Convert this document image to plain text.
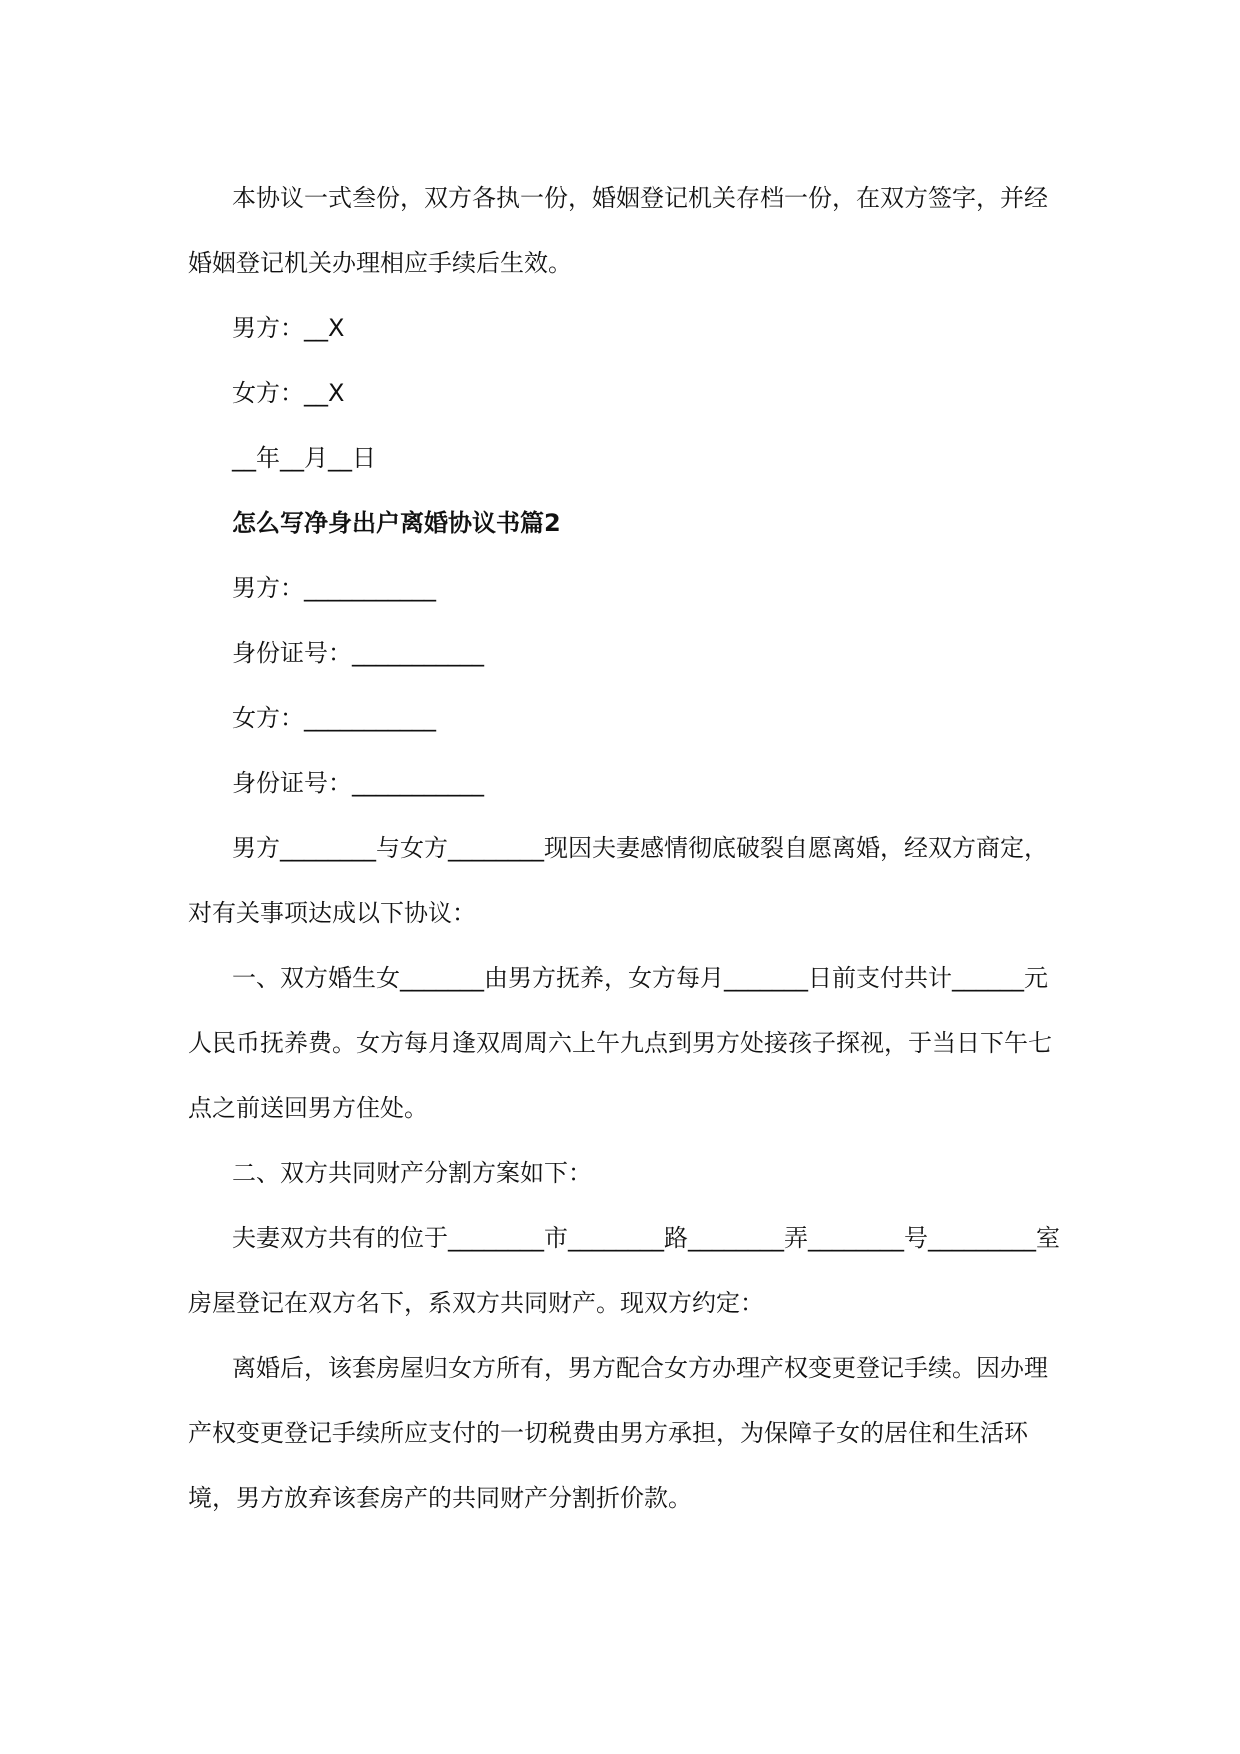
本协议一式叁份，双方各执一份，婚姻登记机关存档一份，在双方签字，并经婚姻登记机关办理相应手续后生效。

男方：__X

女方：__X

__年__月__日

怎么写净身出户离婚协议书篇2

男方：___________

身份证号：___________

女方：___________

身份证号：___________

男方________与女方________现因夫妻感情彻底破裂自愿离婚，经双方商定，对有关事项达成以下协议：

一、双方婚生女_______由男方抚养，女方每月_______日前支付共计______元人民币抚养费。女方每月逢双周周六上午九点到男方处接孩子探视，于当日下午七点之前送回男方住处。

二、双方共同财产分割方案如下：

夫妻双方共有的位于________市________路________弄________号_________室房屋登记在双方名下，系双方共同财产。现双方约定：

离婚后，该套房屋归女方所有，男方配合女方办理产权变更登记手续。因办理产权变更登记手续所应支付的一切税费由男方承担，为保障子女的居住和生活环境，男方放弃该套房产的共同财产分割折价款。
